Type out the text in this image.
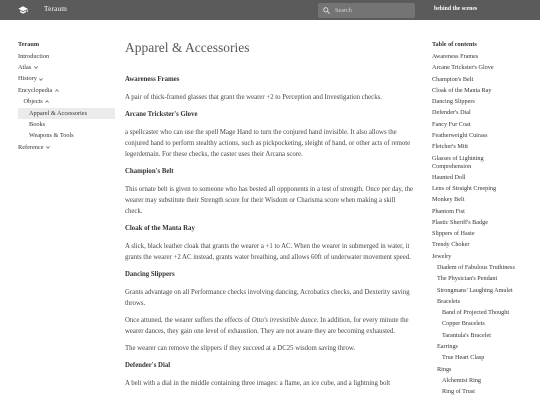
Teraum
Search	behind the scenes
Teraum
Introduction
Atlas
History
Encyclopedia
Objects
Apparel & Accessories
Books
Weapons & Tools
Reference
Apparel & Accessories
Awareness Frames

A pair of thick-framed glasses that grant the wearer +2 to Perception and Investigation checks.

Arcane Trickster's Glove

a spellcaster who can use the spell Mage Hand to turn the conjured hand invisible. It also allows the conjured hand to perform stealthy actions, such as pickpocketing, sleight of hand, or other acts of remote legerdemain. For these checks, the caster uses their Arcana score.

Champion's Belt

This ornate belt is given to someone who has bested all oppponents in a test of strength. Once per day, the wearer may substitute their Strength score for their Wisdom or Charisma score when making a skill check.

Cloak of the Manta Ray

A slick, black leather cloak that grants the wearer a +1 to AC. When the wearer in submerged in water, it grants the wearer +2 AC instead, grants water breathing, and allows 60ft of underwater movement speed.

Dancing Slippers

Grants advantage on all Performance checks involving dancing, Acrobatics checks, and Dexterity saving throws.

Once attuned, the wearer suffers the effects of Otto's irresistible dance. In addition, for every minute the wearer dances, they gain one level of exhaustion. They are not aware they are becoming exhausted.

The wearer can remove the slippers if they succeed at a DC25 wisdom saving throw.

Defender's Dial

A belt with a dial in the middle containing three images: a flame, an ice cube, and a lightning bolt

Table of contents
Awareness Frames
Arcane Trickster's Glove
Champion's Belt
Cloak of the Manta Ray
Dancing Slippers
Defender's Dial
Fancy Fur Coat
Featherweight Cuirass
Fletcher's Mitt
Glasses of Lightning Comprehension
Haunted Doll
Lens of Straight Creeping
Monkey Belt
Phantom Fist
Plastic Sheriff's Badge
Slippers of Haste
Trendy Choker
Jewelry
Diadem of Fabulous Truthiness
The Physician's Pendant
Strongmans' Laughing Amulet
Bracelets
Band of Projected Thought
Copper Bracelets
Tarantula's Bracelet
Earrings
True Heart Clasp
Rings
Alchemist Ring
Ring of Trust
